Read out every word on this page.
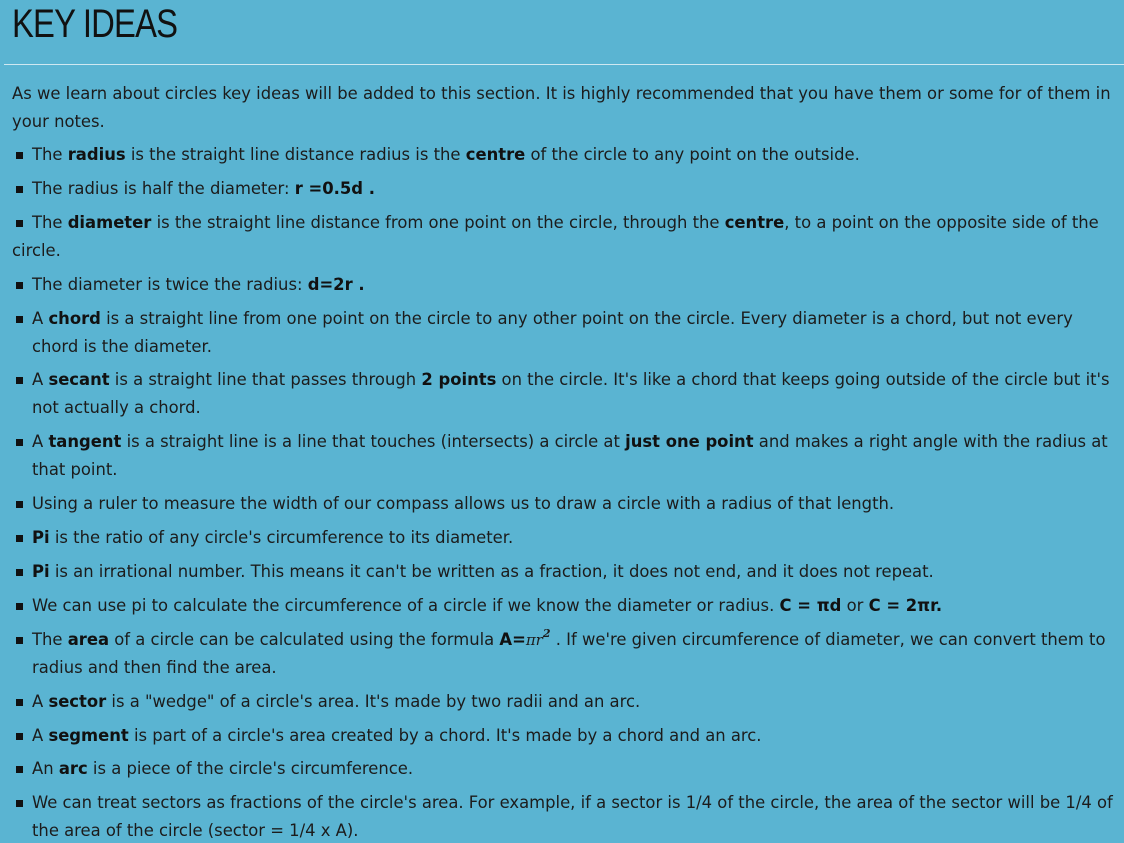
KEY IDEAS

As we learn about circles key ideas will be added to this section. It is highly recommended that you have them or some for of them in your notes.

The radius is the straight line distance radius is the centre of the circle to any point on the outside.
The radius is half the diameter: r =0.5d .
The diameter is the straight line distance from one point on the circle, through the centre, to a point on the opposite side of the circle.
The diameter is twice the radius: d=2r .
A chord is a straight line from one point on the circle to any other point on the circle. Every diameter is a chord, but not every chord is the diameter.
A secant is a straight line that passes through 2 points on the circle. It's like a chord that keeps going outside of the circle but it's not actually a chord.
A tangent is a straight line is a line that touches (intersects) a circle at just one point and makes a right angle with the radius at that point.
Using a ruler to measure the width of our compass allows us to draw a circle with a radius of that length.
Pi is the ratio of any circle's circumference to its diameter.
Pi is an irrational number. This means it can't be written as a fraction, it does not end, and it does not repeat.
We can use pi to calculate the circumference of a circle if we know the diameter or radius. C = πd or C = 2πr.
The area of a circle can be calculated using the formula $A=\pi r^2$ . If we're given circumference of diameter, we can convert them to radius and then find the area.
A sector is a "wedge" of a circle's area. It's made by two radii and an arc.
A segment is part of a circle's area created by a chord. It's made by a chord and an arc.
An arc is a piece of the circle's circumference.
We can treat sectors as fractions of the circle's area. For example, if a sector is 1/4 of the circle, the area of the sector will be 1/4 of the area of the circle (sector = 1/4 x A).
